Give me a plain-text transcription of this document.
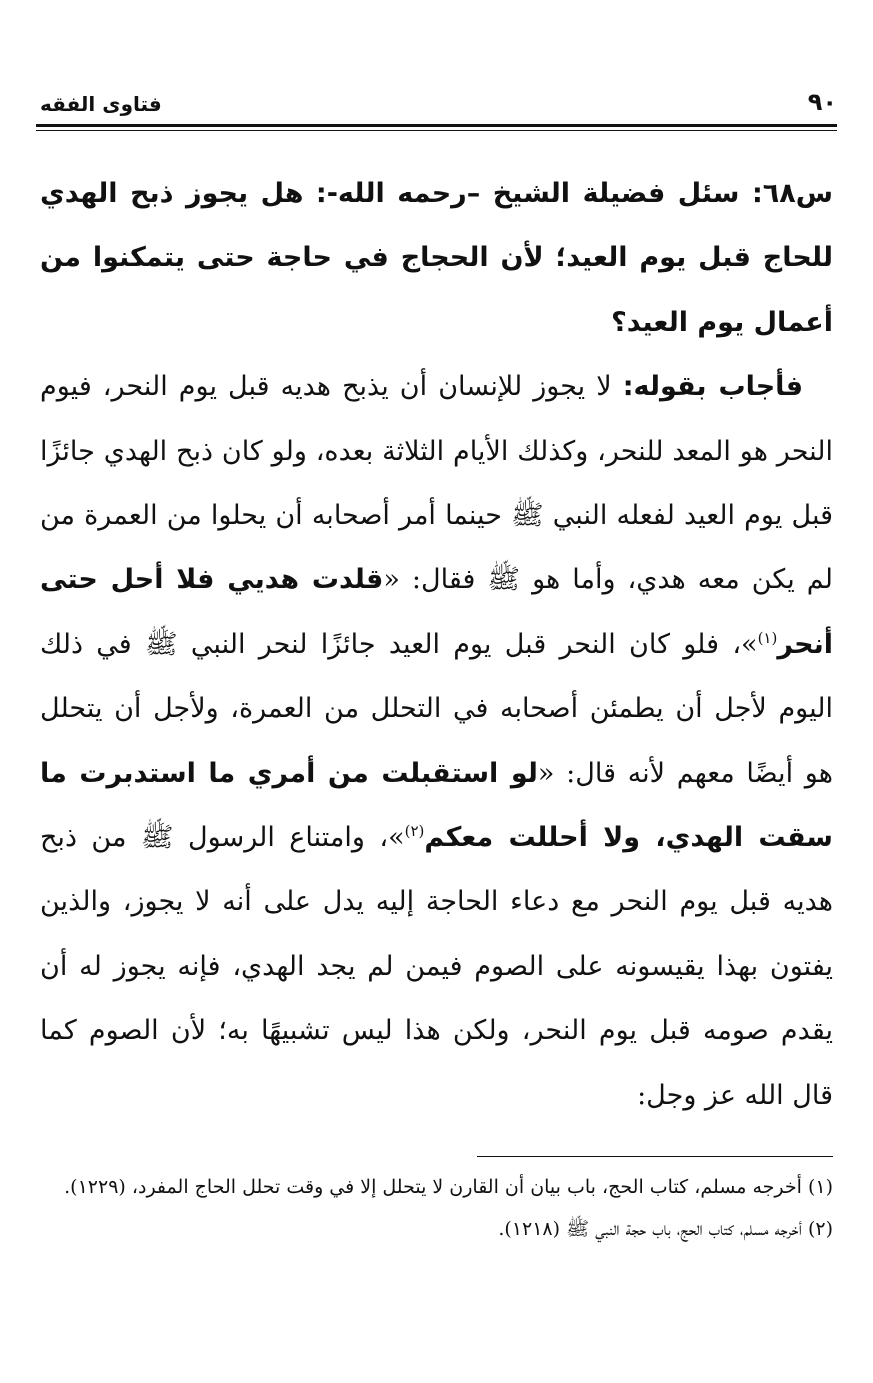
٩٠
فتاوى الفقه

س٦٨: سئل فضيلة الشيخ –رحمه الله-: هل يجوز ذبح الهدي للحاج قبل يوم العيد؛ لأن الحجاج في حاجة حتى يتمكنوا من أعمال يوم العيد؟

فأجاب بقوله: لا يجوز للإنسان أن يذبح هديه قبل يوم النحر، فيوم النحر هو المعد للنحر، وكذلك الأيام الثلاثة بعده، ولو كان ذبح الهدي جائزًا قبل يوم العيد لفعله النبي ﷺ حينما أمر أصحابه أن يحلوا من العمرة من لم يكن معه هدي، وأما هو ﷺ فقال: «قلدت هديي فلا أحل حتى أنحر$^{(١)}$»، فلو كان النحر قبل يوم العيد جائزًا لنحر النبي ﷺ في ذلك اليوم لأجل أن يطمئن أصحابه في التحلل من العمرة، ولأجل أن يتحلل هو أيضًا معهم لأنه قال: «لو استقبلت من أمري ما استدبرت ما سقت الهدي، ولا أحللت معكم$^{(٢)}$»، وامتناع الرسول ﷺ من ذبح هديه قبل يوم النحر مع دعاء الحاجة إليه يدل على أنه لا يجوز، والذين يفتون بهذا يقيسونه على الصوم فيمن لم يجد الهدي، فإنه يجوز له أن يقدم صومه قبل يوم النحر، ولكن هذا ليس تشبيهًا به؛ لأن الصوم كما قال الله عز وجل:

(١)أخرجه مسلم، كتاب الحج، باب بيان أن القارن لا يتحلل إلا في وقت تحلل الحاج المفرد، (١٢٢٩).

(٢)أخرجه مسلم، كتاب الحج، باب حجة النبي ﷺ (١٢١٨).
